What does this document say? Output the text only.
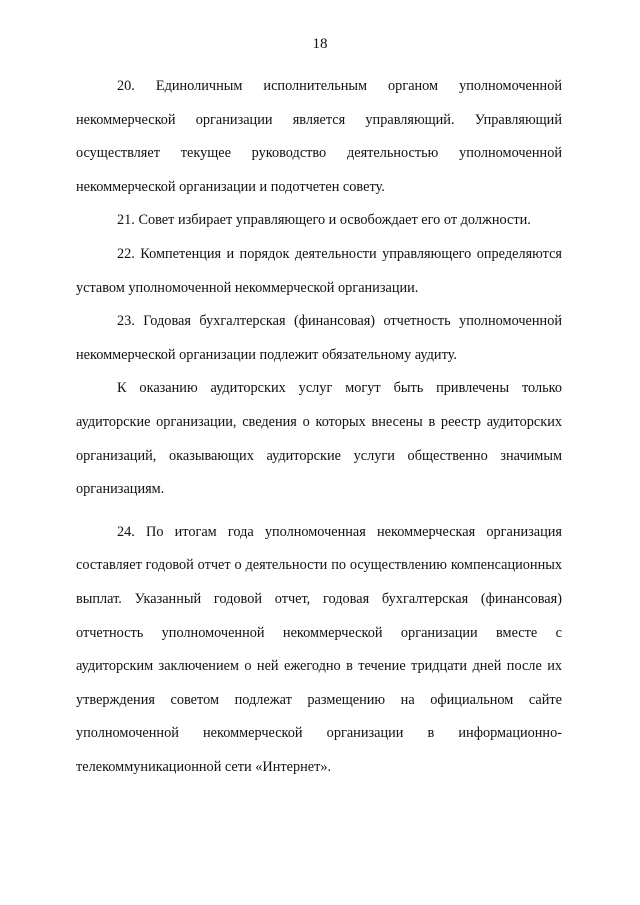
18

20. Единоличным исполнительным органом уполномоченной некоммерческой организации является управляющий. Управляющий осуществляет текущее руководство деятельностью уполномоченной некоммерческой организации и подотчетен совету.

21. Совет избирает управляющего и освобождает его от должности.

22. Компетенция и порядок деятельности управляющего определяются уставом уполномоченной некоммерческой организации.

23. Годовая бухгалтерская (финансовая) отчетность уполномоченной некоммерческой организации подлежит обязательному аудиту.

К оказанию аудиторских услуг могут быть привлечены только аудиторские организации, сведения о которых внесены в реестр аудиторских организаций, оказывающих аудиторские услуги общественно значимым организациям.

24. По итогам года уполномоченная некоммерческая организация составляет годовой отчет о деятельности по осуществлению компенсационных выплат. Указанный годовой отчет, годовая бухгалтерская (финансовая) отчетность уполномоченной некоммерческой организации вместе с аудиторским заключением о ней ежегодно в течение тридцати дней после их утверждения советом подлежат размещению на официальном сайте уполномоченной некоммерческой организации в информационно-телекоммуникационной сети «Интернет».
